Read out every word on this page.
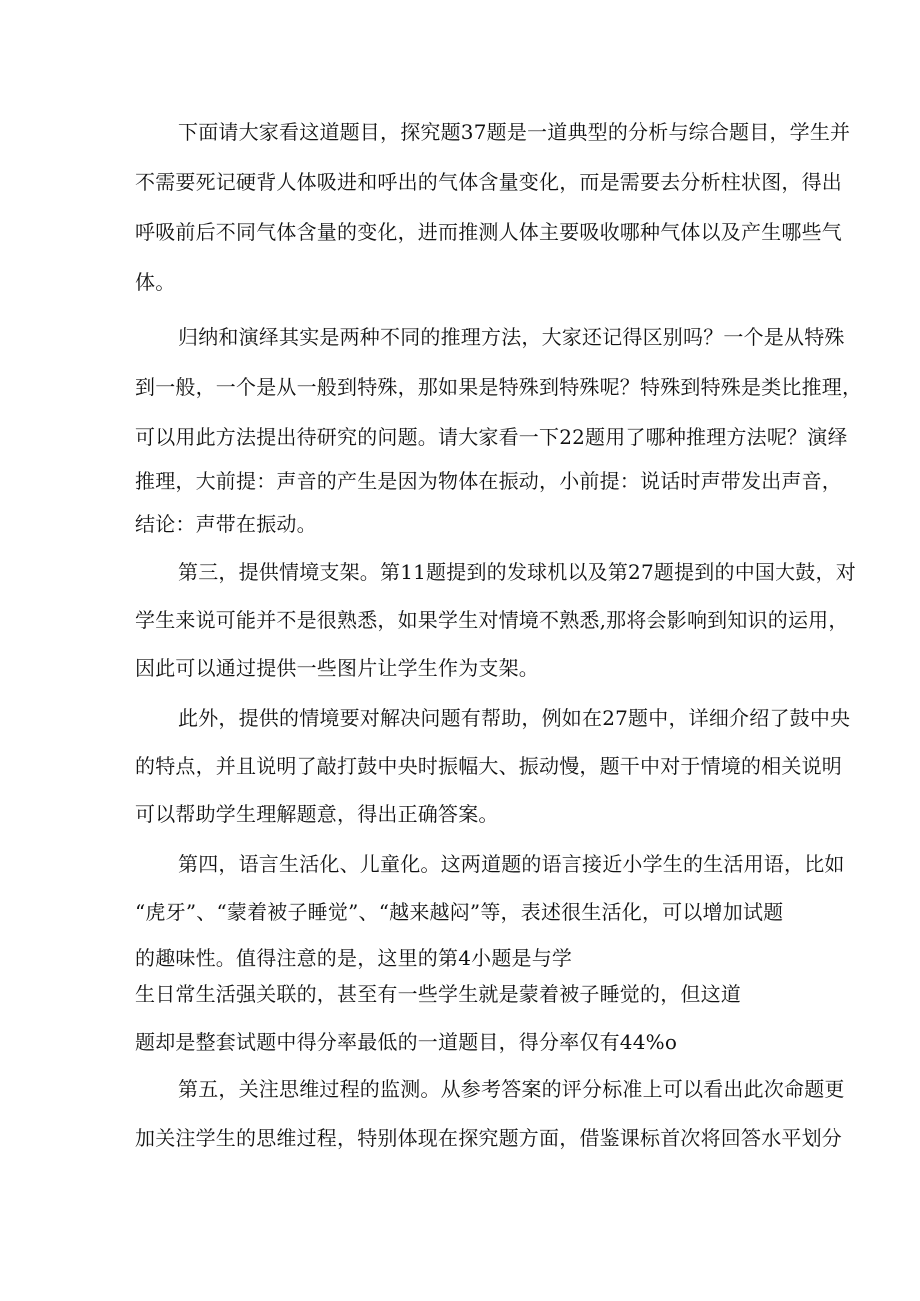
下面请大家看这道题目，探究题37题是一道典型的分析与综合题目，学生并
不需要死记硬背人体吸进和呼出的气体含量变化，而是需要去分析柱状图，得出
呼吸前后不同气体含量的变化，进而推测人体主要吸收哪种气体以及产生哪些气
体。
归纳和演绎其实是两种不同的推理方法，大家还记得区别吗？一个是从特殊
到一般，一个是从一般到特殊，那如果是特殊到特殊呢？特殊到特殊是类比推理，
可以用此方法提出待研究的问题。请大家看一下22题用了哪种推理方法呢？演绎
推理，大前提：声音的产生是因为物体在振动，小前提：说话时声带发出声音，
结论：声带在振动。
第三，提供情境支架。第11题提到的发球机以及第27题提到的中国大鼓，对
学生来说可能并不是很熟悉，如果学生对情境不熟悉,那将会影响到知识的运用，
因此可以通过提供一些图片让学生作为支架。
此外，提供的情境要对解决问题有帮助，例如在27题中，详细介绍了鼓中央
的特点，并且说明了敲打鼓中央时振幅大、振动慢，题干中对于情境的相关说明
可以帮助学生理解题意，得出正确答案。
第四，语言生活化、儿童化。这两道题的语言接近小学生的生活用语，比如
“虎牙”、“蒙着被子睡觉”、“越来越闷”等，表述很生活化，可以增加试题
的趣味性。值得注意的是，这里的第4小题是与学
生日常生活强关联的，甚至有一些学生就是蒙着被子睡觉的，但这道
题却是整套试题中得分率最低的一道题目，得分率仅有44%o
第五，关注思维过程的监测。从参考答案的评分标准上可以看出此次命题更
加关注学生的思维过程，特别体现在探究题方面，借鉴课标首次将回答水平划分
